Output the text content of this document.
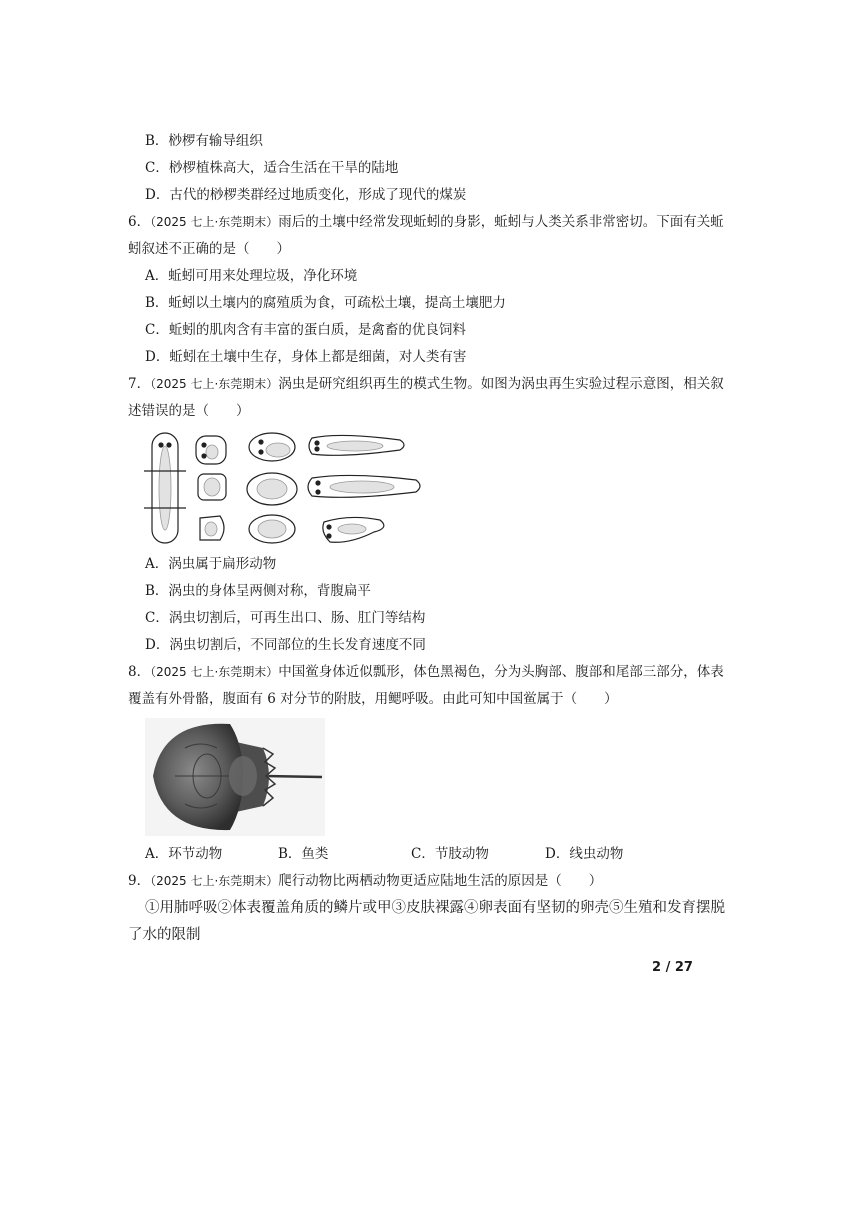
B．桫椤有输导组织
C．桫椤植株高大，适合生活在干旱的陆地
D．古代的桫椤类群经过地质变化，形成了现代的煤炭
6．（2025 七上·东莞期末）雨后的土壤中经常发现蚯蚓的身影，蚯蚓与人类关系非常密切。下面有关蚯
蚓叙述不正确的是（　　）
A．蚯蚓可用来处理垃圾，净化环境
B．蚯蚓以土壤内的腐殖质为食，可疏松土壤，提高土壤肥力
C．蚯蚓的肌肉含有丰富的蛋白质，是禽畜的优良饲料
D．蚯蚓在土壤中生存，身体上都是细菌，对人类有害
7．（2025 七上·东莞期末）涡虫是研究组织再生的模式生物。如图为涡虫再生实验过程示意图，相关叙
述错误的是（　　）
A．涡虫属于扁形动物
B．涡虫的身体呈两侧对称，背腹扁平
C．涡虫切割后，可再生出口、肠、肛门等结构
D．涡虫切割后，不同部位的生长发育速度不同
8．（2025 七上·东莞期末）中国鲎身体近似瓢形，体色黑褐色，分为头胸部、腹部和尾部三部分，体表
覆盖有外骨骼，腹面有 6 对分节的附肢，用鳃呼吸。由此可知中国鲎属于（　　）
A．环节动物	B．鱼类	C．节肢动物	D．线虫动物
9．（2025 七上·东莞期末）爬行动物比两栖动物更适应陆地生活的原因是（　　）
①用肺呼吸②体表覆盖角质的鳞片或甲③皮肤裸露④卵表面有坚韧的卵壳⑤生殖和发育摆脱
了水的限制
2 / 27
